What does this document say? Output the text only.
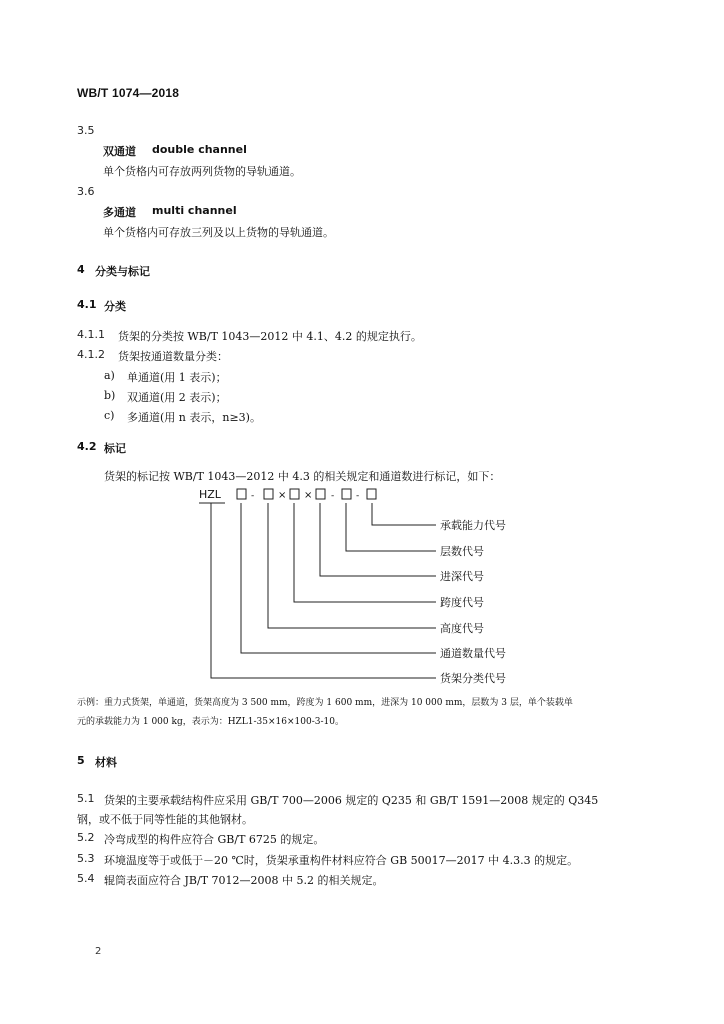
WB/T 1074—2018
3.5
双通道 double channel
单个货格内可存放两列货物的导轨通道。
3.6
多通道 multi channel
单个货格内可存放三列及以上货物的导轨通道。
4 分类与标记
4.1 分类
4.1.1 货架的分类按 WB/T 1043—2012 中 4.1、4.2 的规定执行。
4.1.2 货架按通道数量分类：
a) 单通道(用 1 表示)；
b) 双通道(用 2 表示)；
c) 多通道(用 n 表示，n≥3)。
4.2 标记
货架的标记按 WB/T 1043—2012 中 4.3 的相关规定和通道数进行标记，如下：
HZL	- × × - -
承载能力代号
层数代号
进深代号
跨度代号
高度代号
通道数量代号
货架分类代号
示例：重力式货架，单通道，货架高度为 3 500 mm，跨度为 1 600 mm，进深为 10 000 mm，层数为 3 层，单个装载单
元的承载能力为 1 000 kg，表示为：HZL1-35×16×100-3-10。
5 材料
5.1 货架的主要承载结构件应采用 GB/T 700—2006 规定的 Q235 和 GB/T 1591—2008 规定的 Q345
钢，或不低于同等性能的其他钢材。
5.2 冷弯成型的构件应符合 GB/T 6725 的规定。
5.3 环境温度等于或低于－20 ℃时，货架承重构件材料应符合 GB 50017—2017 中 4.3.3 的规定。
5.4 辊筒表面应符合 JB/T 7012—2008 中 5.2 的相关规定。
2
